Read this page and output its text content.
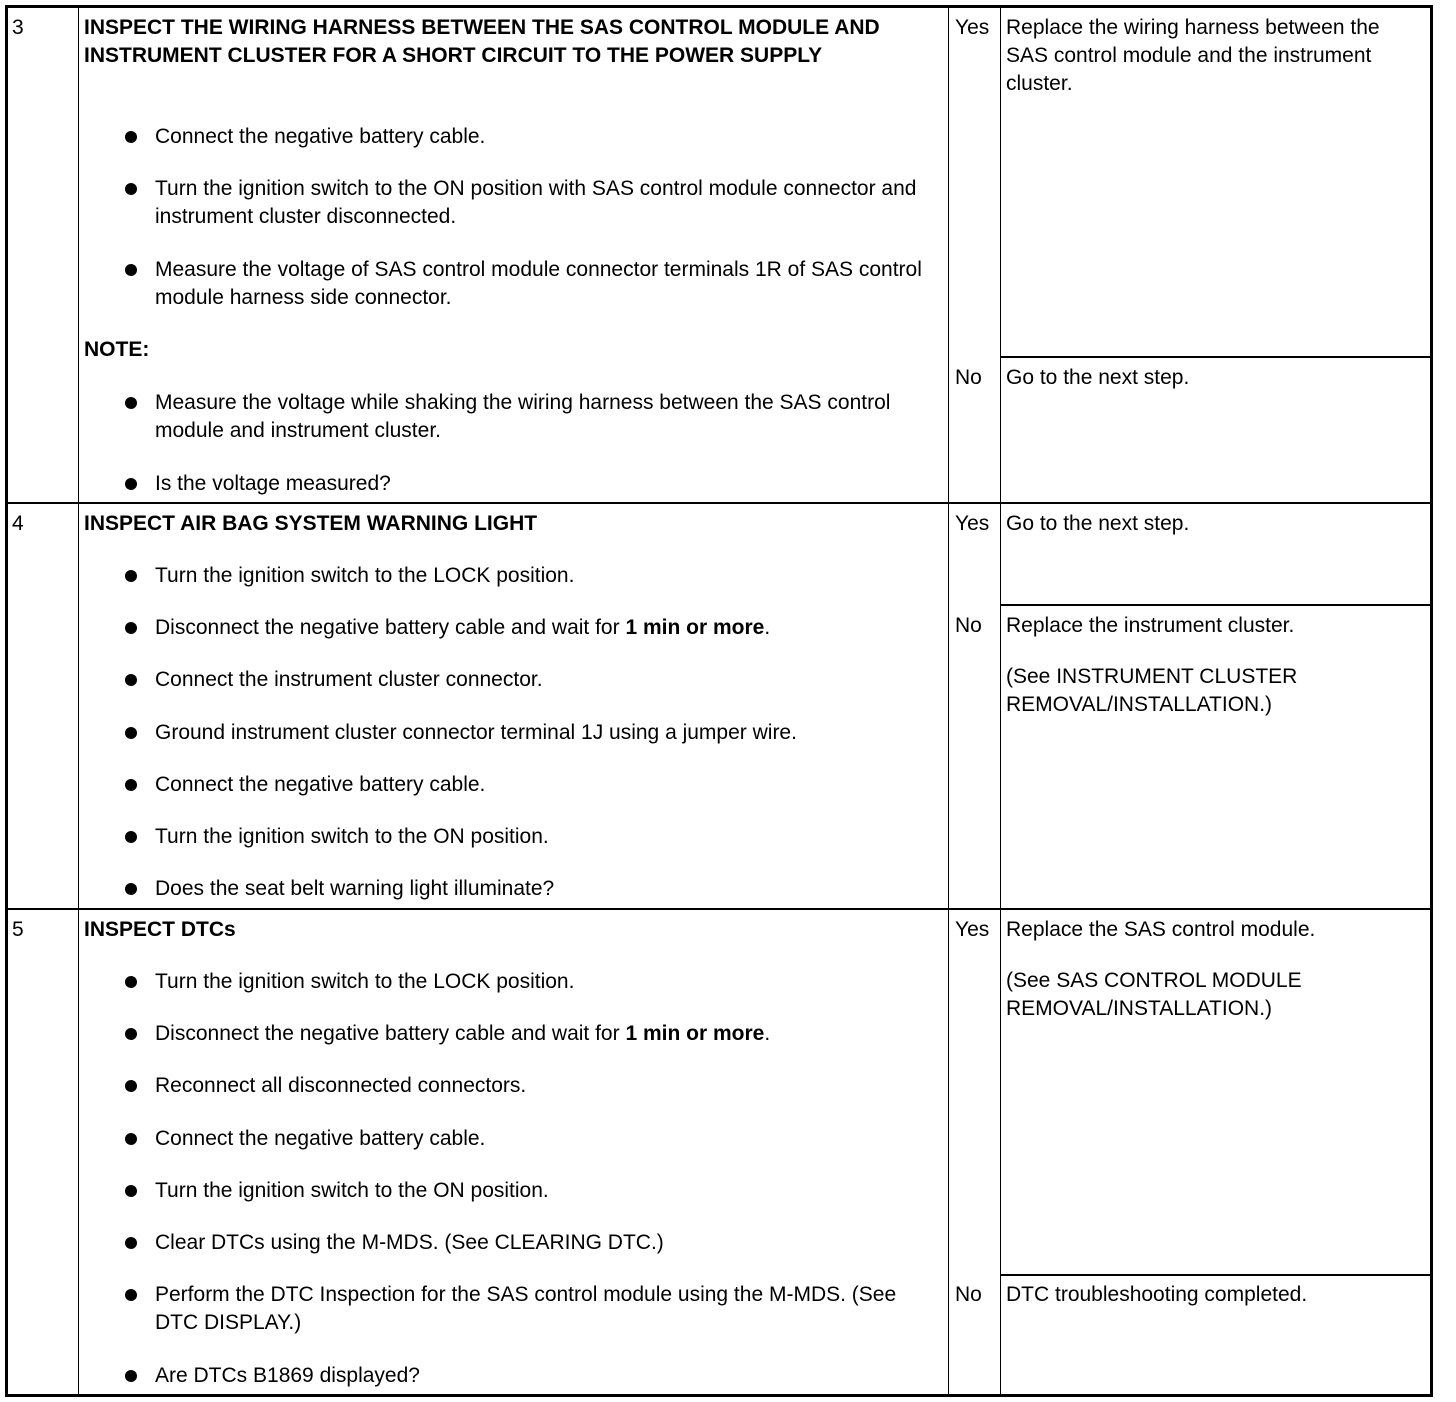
3	INSPECT THE WIRING HARNESS BETWEEN THE SAS CONTROL MODULE AND INSTRUMENT CLUSTER FOR A SHORT CIRCUIT TO THE POWER SUPPLY
Connect the negative battery cable.
Turn the ignition switch to the ON position with SAS control module connector and instrument cluster disconnected.
Measure the voltage of SAS control module connector terminals 1R of SAS control module harness side connector.
NOTE:
Measure the voltage while shaking the wiring harness between the SAS control module and instrument cluster.
Is the voltage measured?
Yes Replace the wiring harness between the SAS control module and the instrument cluster.
No Go to the next step.
4	INSPECT AIR BAG SYSTEM WARNING LIGHT
Turn the ignition switch to the LOCK position.
Disconnect the negative battery cable and wait for 1 min or more.
Connect the instrument cluster connector.
Ground instrument cluster connector terminal 1J using a jumper wire.
Connect the negative battery cable.
Turn the ignition switch to the ON position.
Does the seat belt warning light illuminate?
Yes Go to the next step.
No Replace the instrument cluster.
(See INSTRUMENT CLUSTER REMOVAL/INSTALLATION.)
5	INSPECT DTCs
Turn the ignition switch to the LOCK position.
Disconnect the negative battery cable and wait for 1 min or more.
Reconnect all disconnected connectors.
Connect the negative battery cable.
Turn the ignition switch to the ON position.
Clear DTCs using the M-MDS. (See CLEARING DTC.)
Perform the DTC Inspection for the SAS control module using the M-MDS. (See DTC DISPLAY.)
Are DTCs B1869 displayed?
Yes Replace the SAS control module.
(See SAS CONTROL MODULE REMOVAL/INSTALLATION.)
No DTC troubleshooting completed.
